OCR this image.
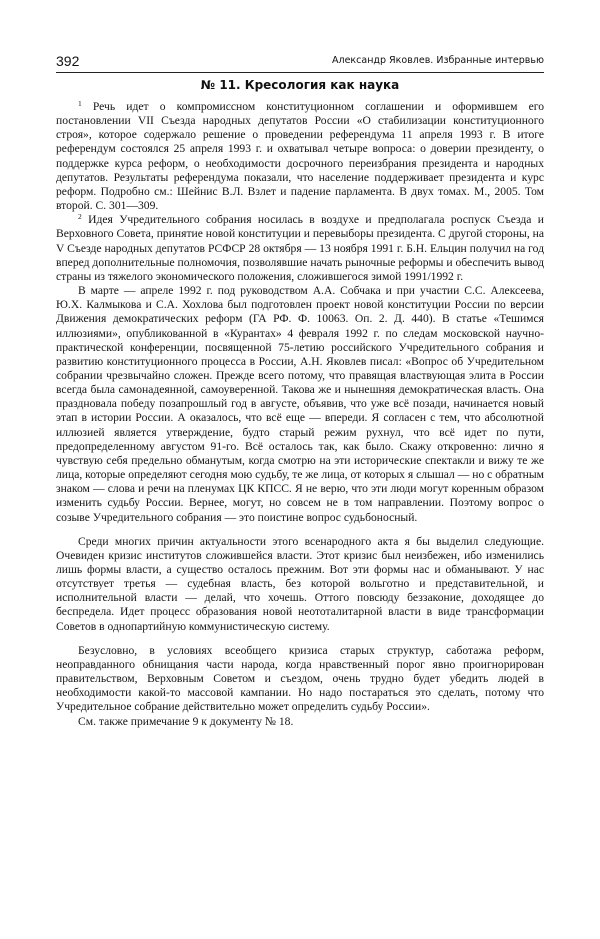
392	Александр Яковлев. Избранные интервью
№ 11. Кресология как наука

$^1$ Речь идет о компромиссном конституционном соглашении и оформившем его постановлении VII Съезда народных депутатов России «О стабилизации конституционного строя», которое содержало решение о проведении референдума 11 апреля 1993 г. В итоге референдум состоялся 25 апреля 1993 г. и охватывал четыре вопроса: о доверии президенту, о поддержке курса реформ, о необходимости досрочного переизбрания президента и народных депутатов. Результаты референдума показали, что население поддерживает президента и курс реформ. Подробно см.: Шейнис В.Л. Взлет и падение парламента. В двух томах. М., 2005. Том второй. С. 301—309.

$^2$ Идея Учредительного собрания носилась в воздухе и предполагала роспуск Съезда и Верховного Совета, принятие новой конституции и перевыборы президента. С другой стороны, на V Съезде народных депутатов РСФСР 28 октября — 13 ноября 1991 г. Б.Н. Ельцин получил на год вперед дополнительные полномочия, позволявшие начать рыночные реформы и обеспечить вывод страны из тяжелого экономического положения, сложившегося зимой 1991/1992 г.

В марте — апреле 1992 г. под руководством А.А. Собчака и при участии С.С. Алексеева, Ю.Х. Калмыкова и С.А. Хохлова был подготовлен проект новой конституции России по версии Движения демократических реформ (ГА РФ. Ф. 10063. Оп. 2. Д. 440). В статье «Тешимся иллюзиями», опубликованной в «Курантах» 4 февраля 1992 г. по следам московской научно-практической конференции, посвященной 75-летию российского Учредительного собрания и развитию конституционного процесса в России, А.Н. Яковлев писал: «Вопрос об Учредительном собрании чрезвычайно сложен. Прежде всего потому, что правящая властвующая элита в России всегда была самонадеянной, самоуверенной. Такова же и нынешняя демократическая власть. Она праздновала победу позапрошлый год в августе, объявив, что уже всё позади, начинается новый этап в истории России. А оказалось, что всё еще — впереди. Я согласен с тем, что абсолютной иллюзией является утверждение, будто старый режим рухнул, что всё идет по пути, предопределенному августом 91-го. Всё осталось так, как было. Скажу откровенно: лично я чувствую себя предельно обманутым, когда смотрю на эти исторические спектакли и вижу те же лица, которые определяют сегодня мою судьбу, те же лица, от которых я слышал — но с обратным знаком — слова и речи на пленумах ЦК КПСС. Я не верю, что эти люди могут коренным образом изменить судьбу России. Вернее, могут, но совсем не в том направлении. Поэтому вопрос о созыве Учредительного собрания — это поистине вопрос судьбоносный.

Среди многих причин актуальности этого всенародного акта я бы выделил следующие. Очевиден кризис институтов сложившейся власти. Этот кризис был неизбежен, ибо изменились лишь формы власти, а существо осталось прежним. Вот эти формы нас и обманывают. У нас отсутствует третья — судебная власть, без которой вольготно и представительной, и исполнительной власти — делай, что хочешь. Оттого повсюду беззаконие, доходящее до беспредела. Идет процесс образования новой неототалитарной власти в виде трансформации Советов в однопартийную коммунистическую систему.

Безусловно, в условиях всеобщего кризиса старых структур, саботажа реформ, неоправданного обнищания части народа, когда нравственный порог явно проигнорирован правительством, Верховным Советом и съездом, очень трудно будет убедить людей в необходимости какой-то массовой кампании. Но надо постараться это сделать, потому что Учредительное собрание действительно может определить судьбу России».

См. также примечание 9 к документу № 18.
